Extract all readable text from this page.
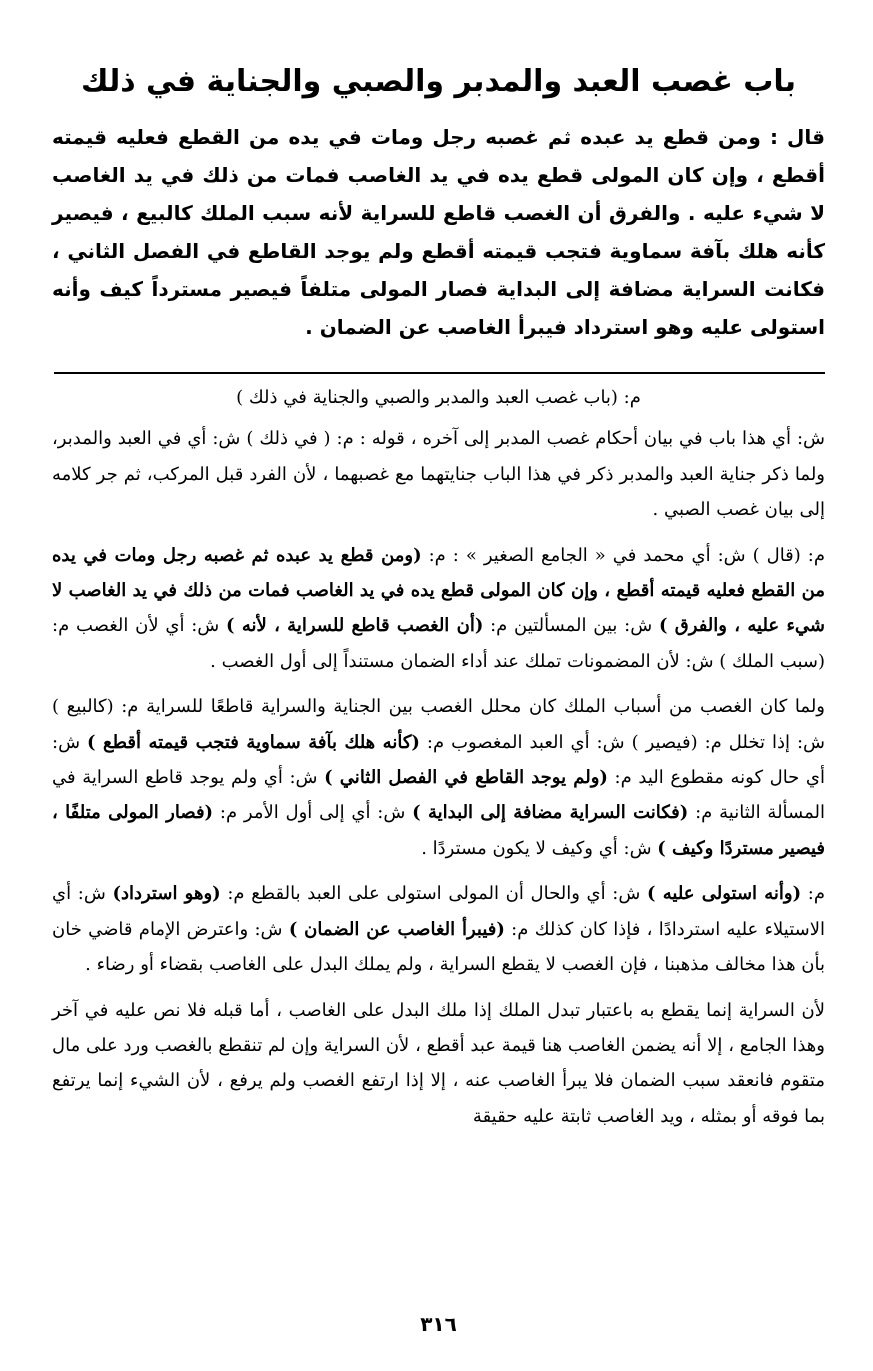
باب غصب العبد والمدبر والصبي والجناية في ذلك
قال : ومن قطع يد عبده ثم غصبه رجل ومات في يده من القطع فعليه قيمته أقطع ، وإن كان المولى قطع يده في يد الغاصب فمات من ذلك في يد الغاصب لا شيء عليه . والفرق أن الغصب قاطع للسراية لأنه سبب الملك كالبيع ، فيصير كأنه هلك بآفة سماوية فتجب قيمته أقطع ولم يوجد القاطع في الفصل الثاني ، فكانت السراية مضافة إلى البداية فصار المولى متلفاً فيصير مسترداً كيف وأنه استولى عليه وهو استرداد فيبرأ الغاصب عن الضمان .

م: (باب غصب العبد والمدبر والصبي والجناية في ذلك )

ش: أي هذا باب في بيان أحكام غصب المدبر إلى آخره ، قوله : م: ( في ذلك ) ش: أي في العبد والمدبر، ولما ذكر جناية العبد والمدبر ذكر في هذا الباب جنايتهما مع غصبهما ، لأن الفرد قبل المركب، ثم جر كلامه إلى بيان غصب الصبي .

م: (قال ) ش: أي محمد في « الجامع الصغير » : م: (ومن قطع يد عبده ثم غصبه رجل ومات في يده من القطع فعليه قيمته أقطع ، وإن كان المولى قطع يده في يد الغاصب فمات من ذلك في يد الغاصب لا شيء عليه ، والفرق ) ش: بين المسألتين م: (أن الغصب قاطع للسراية ، لأنه ) ش: أي لأن الغصب م: (سبب الملك ) ش: لأن المضمونات تملك عند أداء الضمان مستنداً إلى أول الغصب .

ولما كان الغصب من أسباب الملك كان محلل الغصب بين الجناية والسراية قاطعًا للسراية م: (كالبيع ) ش: إذا تخلل م: (فيصير ) ش: أي العبد المغصوب م: (كأنه هلك بآفة سماوية فتجب قيمته أقطع ) ش: أي حال كونه مقطوع اليد م: (ولم يوجد القاطع في الفصل الثاني ) ش: أي ولم يوجد قاطع السراية في المسألة الثانية م: (فكانت السراية مضافة إلى البداية ) ش: أي إلى أول الأمر م: (فصار المولى متلفًا ، فيصير مستردًا وكيف ) ش: أي وكيف لا يكون مستردًا .

م: (وأنه استولى عليه ) ش: أي والحال أن المولى استولى على العبد بالقطع م: (وهو استرداد) ش: أي الاستيلاء عليه استردادًا ، فإذا كان كذلك م: (فيبرأ الغاصب عن الضمان ) ش: واعترض الإمام قاضي خان بأن هذا مخالف مذهبنا ، فإن الغصب لا يقطع السراية ، ولم يملك البدل على الغاصب بقضاء أو رضاء .

لأن السراية إنما يقطع به باعتبار تبدل الملك إذا ملك البدل على الغاصب ، أما قبله فلا نص عليه في آخر وهذا الجامع ، إلا أنه يضمن الغاصب هنا قيمة عبد أقطع ، لأن السراية وإن لم تنقطع بالغصب ورد على مال متقوم فانعقد سبب الضمان فلا يبرأ الغاصب عنه ، إلا إذا ارتفع الغصب ولم يرفع ، لأن الشيء إنما يرتفع بما فوقه أو بمثله ، ويد الغاصب ثابتة عليه حقيقة

٣١٦
